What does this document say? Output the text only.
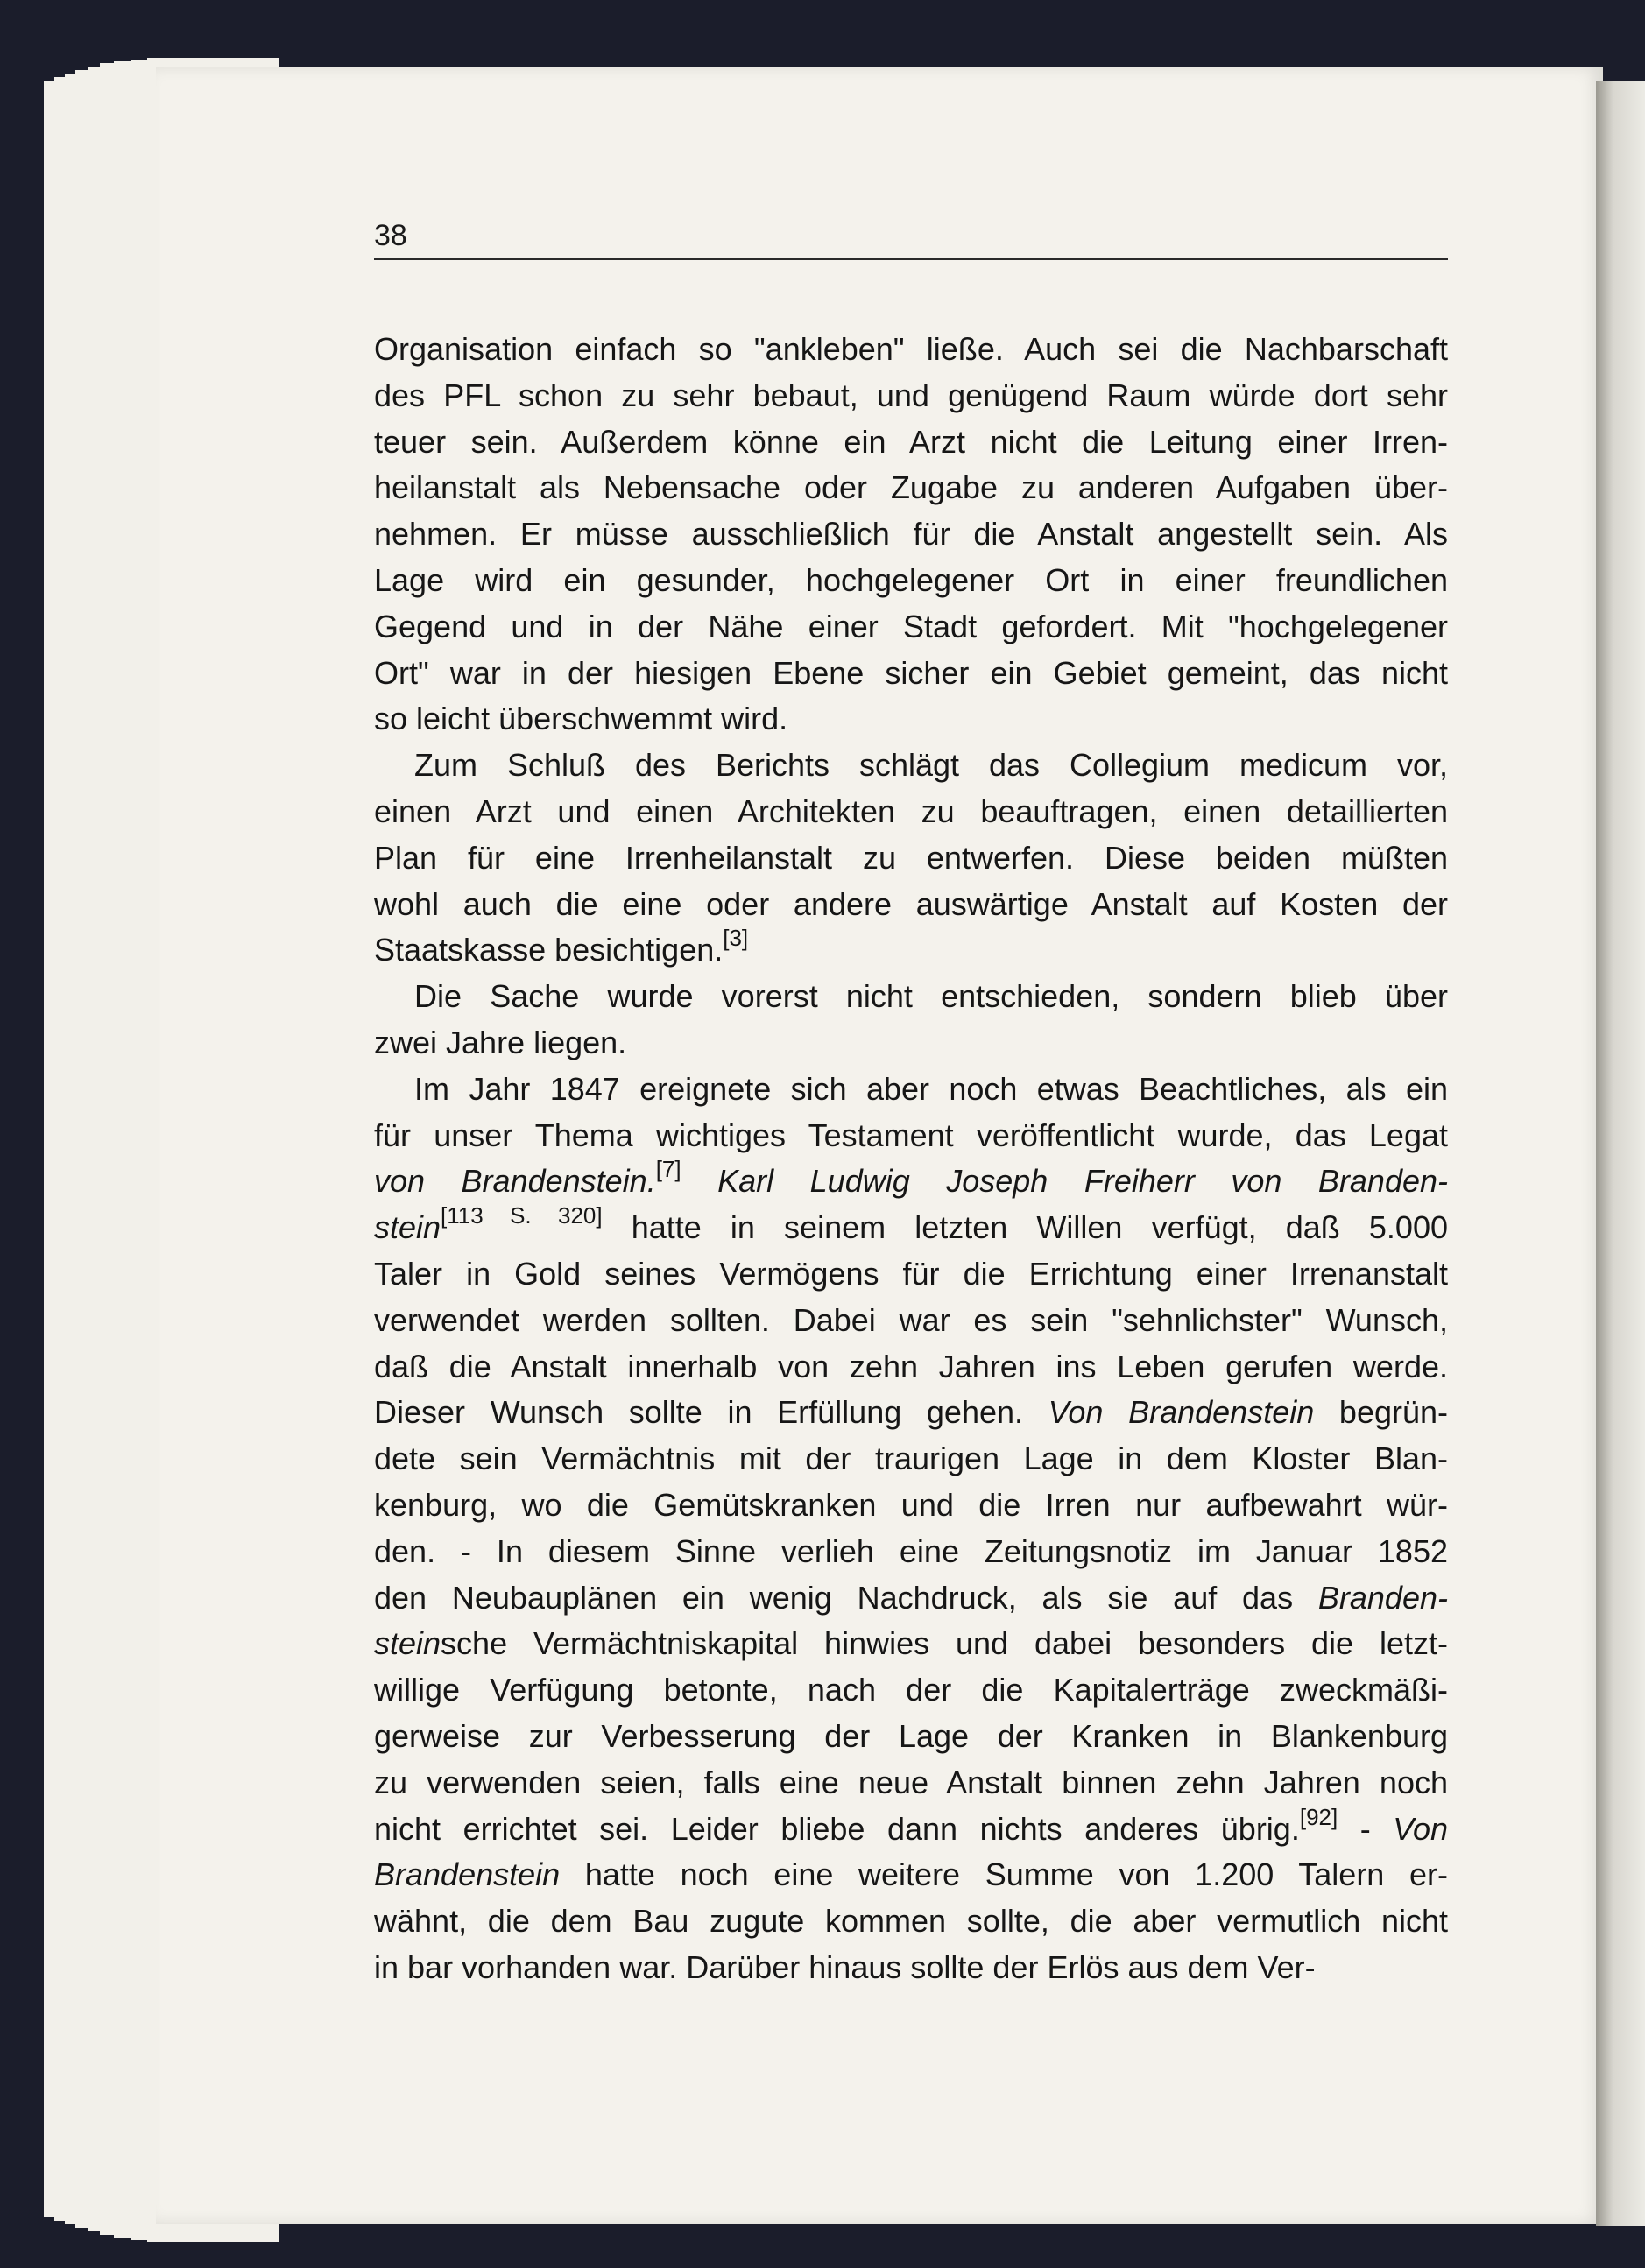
38
Organisation einfach so "ankleben" ließe. Auch sei die Nachbarschaft
des PFL schon zu sehr bebaut, und genügend Raum würde dort sehr
teuer sein. Außerdem könne ein Arzt nicht die Leitung einer Irren-
heilanstalt als Nebensache oder Zugabe zu anderen Aufgaben über-
nehmen. Er müsse ausschließlich für die Anstalt angestellt sein. Als
Lage wird ein gesunder, hochgelegener Ort in einer freundlichen
Gegend und in der Nähe einer Stadt gefordert. Mit "hochgelegener
Ort" war in der hiesigen Ebene sicher ein Gebiet gemeint, das nicht
so leicht überschwemmt wird.
Zum Schluß des Berichts schlägt das Collegium medicum vor,
einen Arzt und einen Architekten zu beauftragen, einen detaillierten
Plan für eine Irrenheilanstalt zu entwerfen. Diese beiden müßten
wohl auch die eine oder andere auswärtige Anstalt auf Kosten der
Staatskasse besichtigen.[3]
Die Sache wurde vorerst nicht entschieden, sondern blieb über
zwei Jahre liegen.
Im Jahr 1847 ereignete sich aber noch etwas Beachtliches, als ein
für unser Thema wichtiges Testament veröffentlicht wurde, das Legat
von Brandenstein.[7] Karl Ludwig Joseph Freiherr von Branden-
stein[113 S. 320] hatte in seinem letzten Willen verfügt, daß 5.000
Taler in Gold seines Vermögens für die Errichtung einer Irrenanstalt
verwendet werden sollten. Dabei war es sein "sehnlichster" Wunsch,
daß die Anstalt innerhalb von zehn Jahren ins Leben gerufen werde.
Dieser Wunsch sollte in Erfüllung gehen. Von Brandenstein begrün-
dete sein Vermächtnis mit der traurigen Lage in dem Kloster Blan-
kenburg, wo die Gemütskranken und die Irren nur aufbewahrt wür-
den. - In diesem Sinne verlieh eine Zeitungsnotiz im Januar 1852
den Neubauplänen ein wenig Nachdruck, als sie auf das Branden-
steinsche Vermächtniskapital hinwies und dabei besonders die letzt-
willige Verfügung betonte, nach der die Kapitalerträge zweckmäßi-
gerweise zur Verbesserung der Lage der Kranken in Blankenburg
zu verwenden seien, falls eine neue Anstalt binnen zehn Jahren noch
nicht errichtet sei. Leider bliebe dann nichts anderes übrig.[92] - Von
Brandenstein hatte noch eine weitere Summe von 1.200 Talern er-
wähnt, die dem Bau zugute kommen sollte, die aber vermutlich nicht
in bar vorhanden war. Darüber hinaus sollte der Erlös aus dem Ver-
